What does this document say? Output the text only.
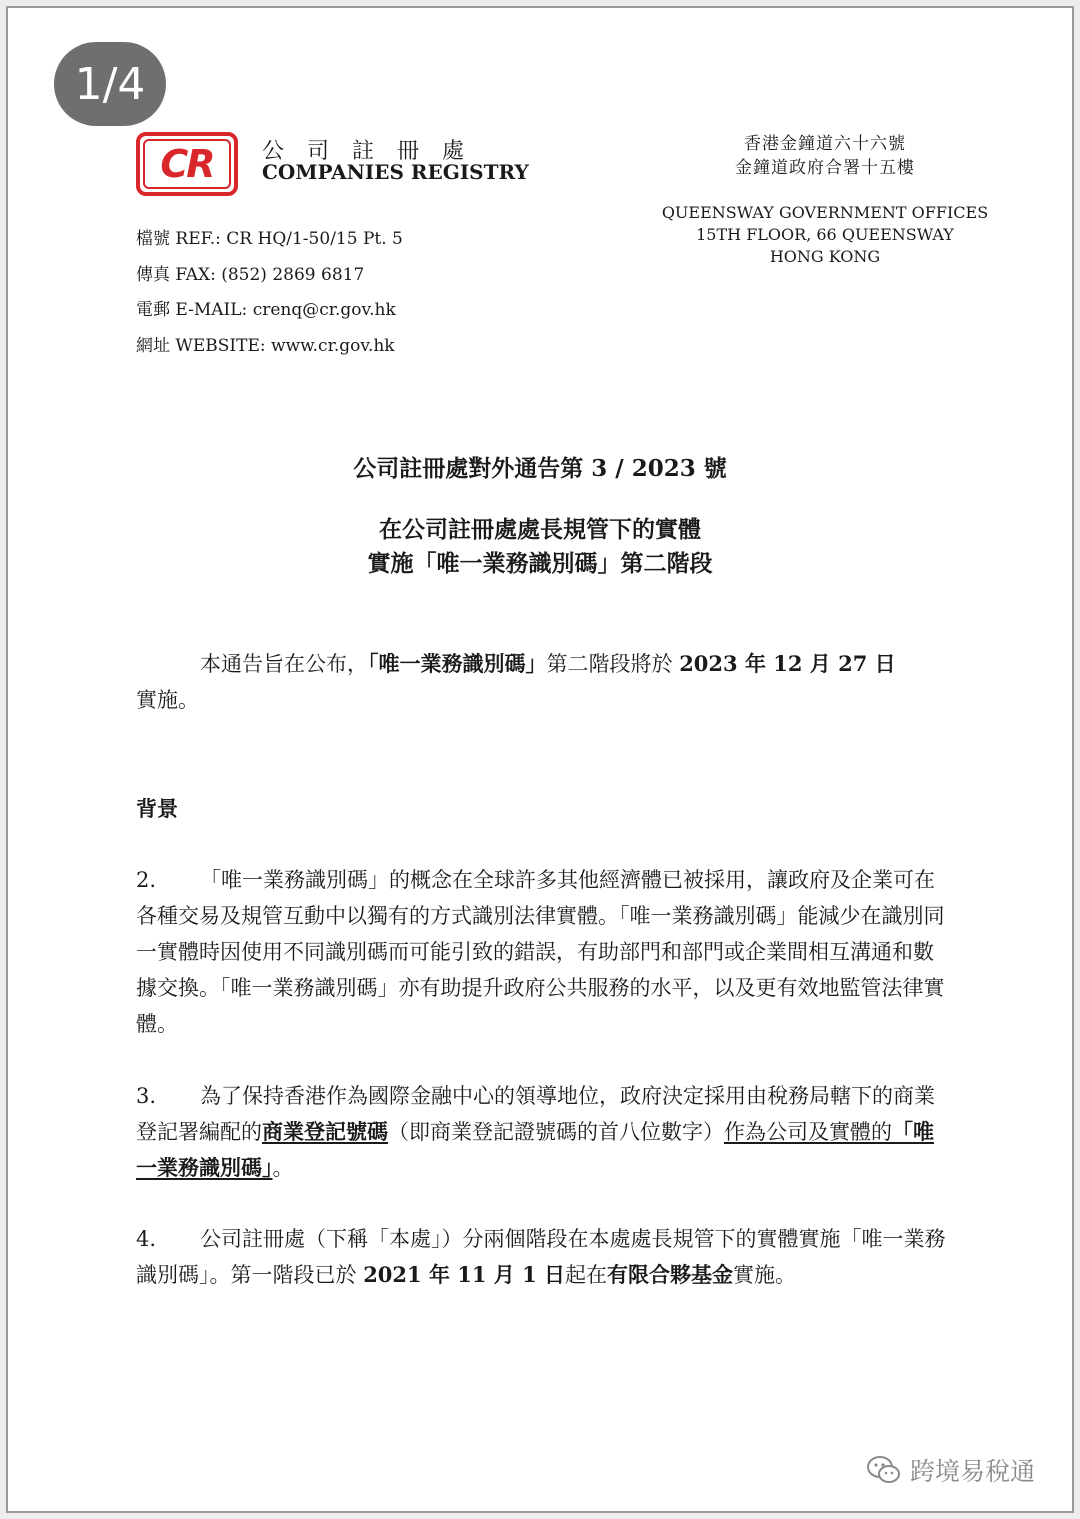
1/4
CR	公司註冊處
COMPANIES REGISTRY
香港金鐘道六十六號
金鐘道政府合署十五樓
QUEENSWAY GOVERNMENT OFFICES
15TH FLOOR, 66 QUEENSWAY
HONG KONG
檔號 REF.: CR HQ/1-50/15 Pt. 5
傳真 FAX: (852) 2869 6817
電郵 E-MAIL: crenq@cr.gov.hk
網址 WEBSITE: www.cr.gov.hk
公司註冊處對外通告第 3 / 2023 號
在公司註冊處處長規管下的實體
實施「唯一業務識別碼」第二階段
本通告旨在公布，「唯一業務識別碼」第二階段將於 2023 年 12 月 27 日
實施。
背景
2. 「唯一業務識別碼」的概念在全球許多其他經濟體已被採用，讓政府及企業可在各種交易及規管互動中以獨有的方式識別法律實體。「唯一業務識別碼」能減少在識別同一實體時因使用不同識別碼而可能引致的錯誤，有助部門和部門或企業間相互溝通和數據交換。「唯一業務識別碼」亦有助提升政府公共服務的水平，以及更有效地監管法律實體。
3. 為了保持香港作為國際金融中心的領導地位，政府決定採用由稅務局轄下的商業登記署編配的商業登記號碼（即商業登記證號碼的首八位數字）作為公司及實體的「唯一業務識別碼」。
4. 公司註冊處（下稱「本處」）分兩個階段在本處處長規管下的實體實施「唯一業務識別碼」。第一階段已於 2021 年 11 月 1 日起在有限合夥基金實施。
跨境易稅通
